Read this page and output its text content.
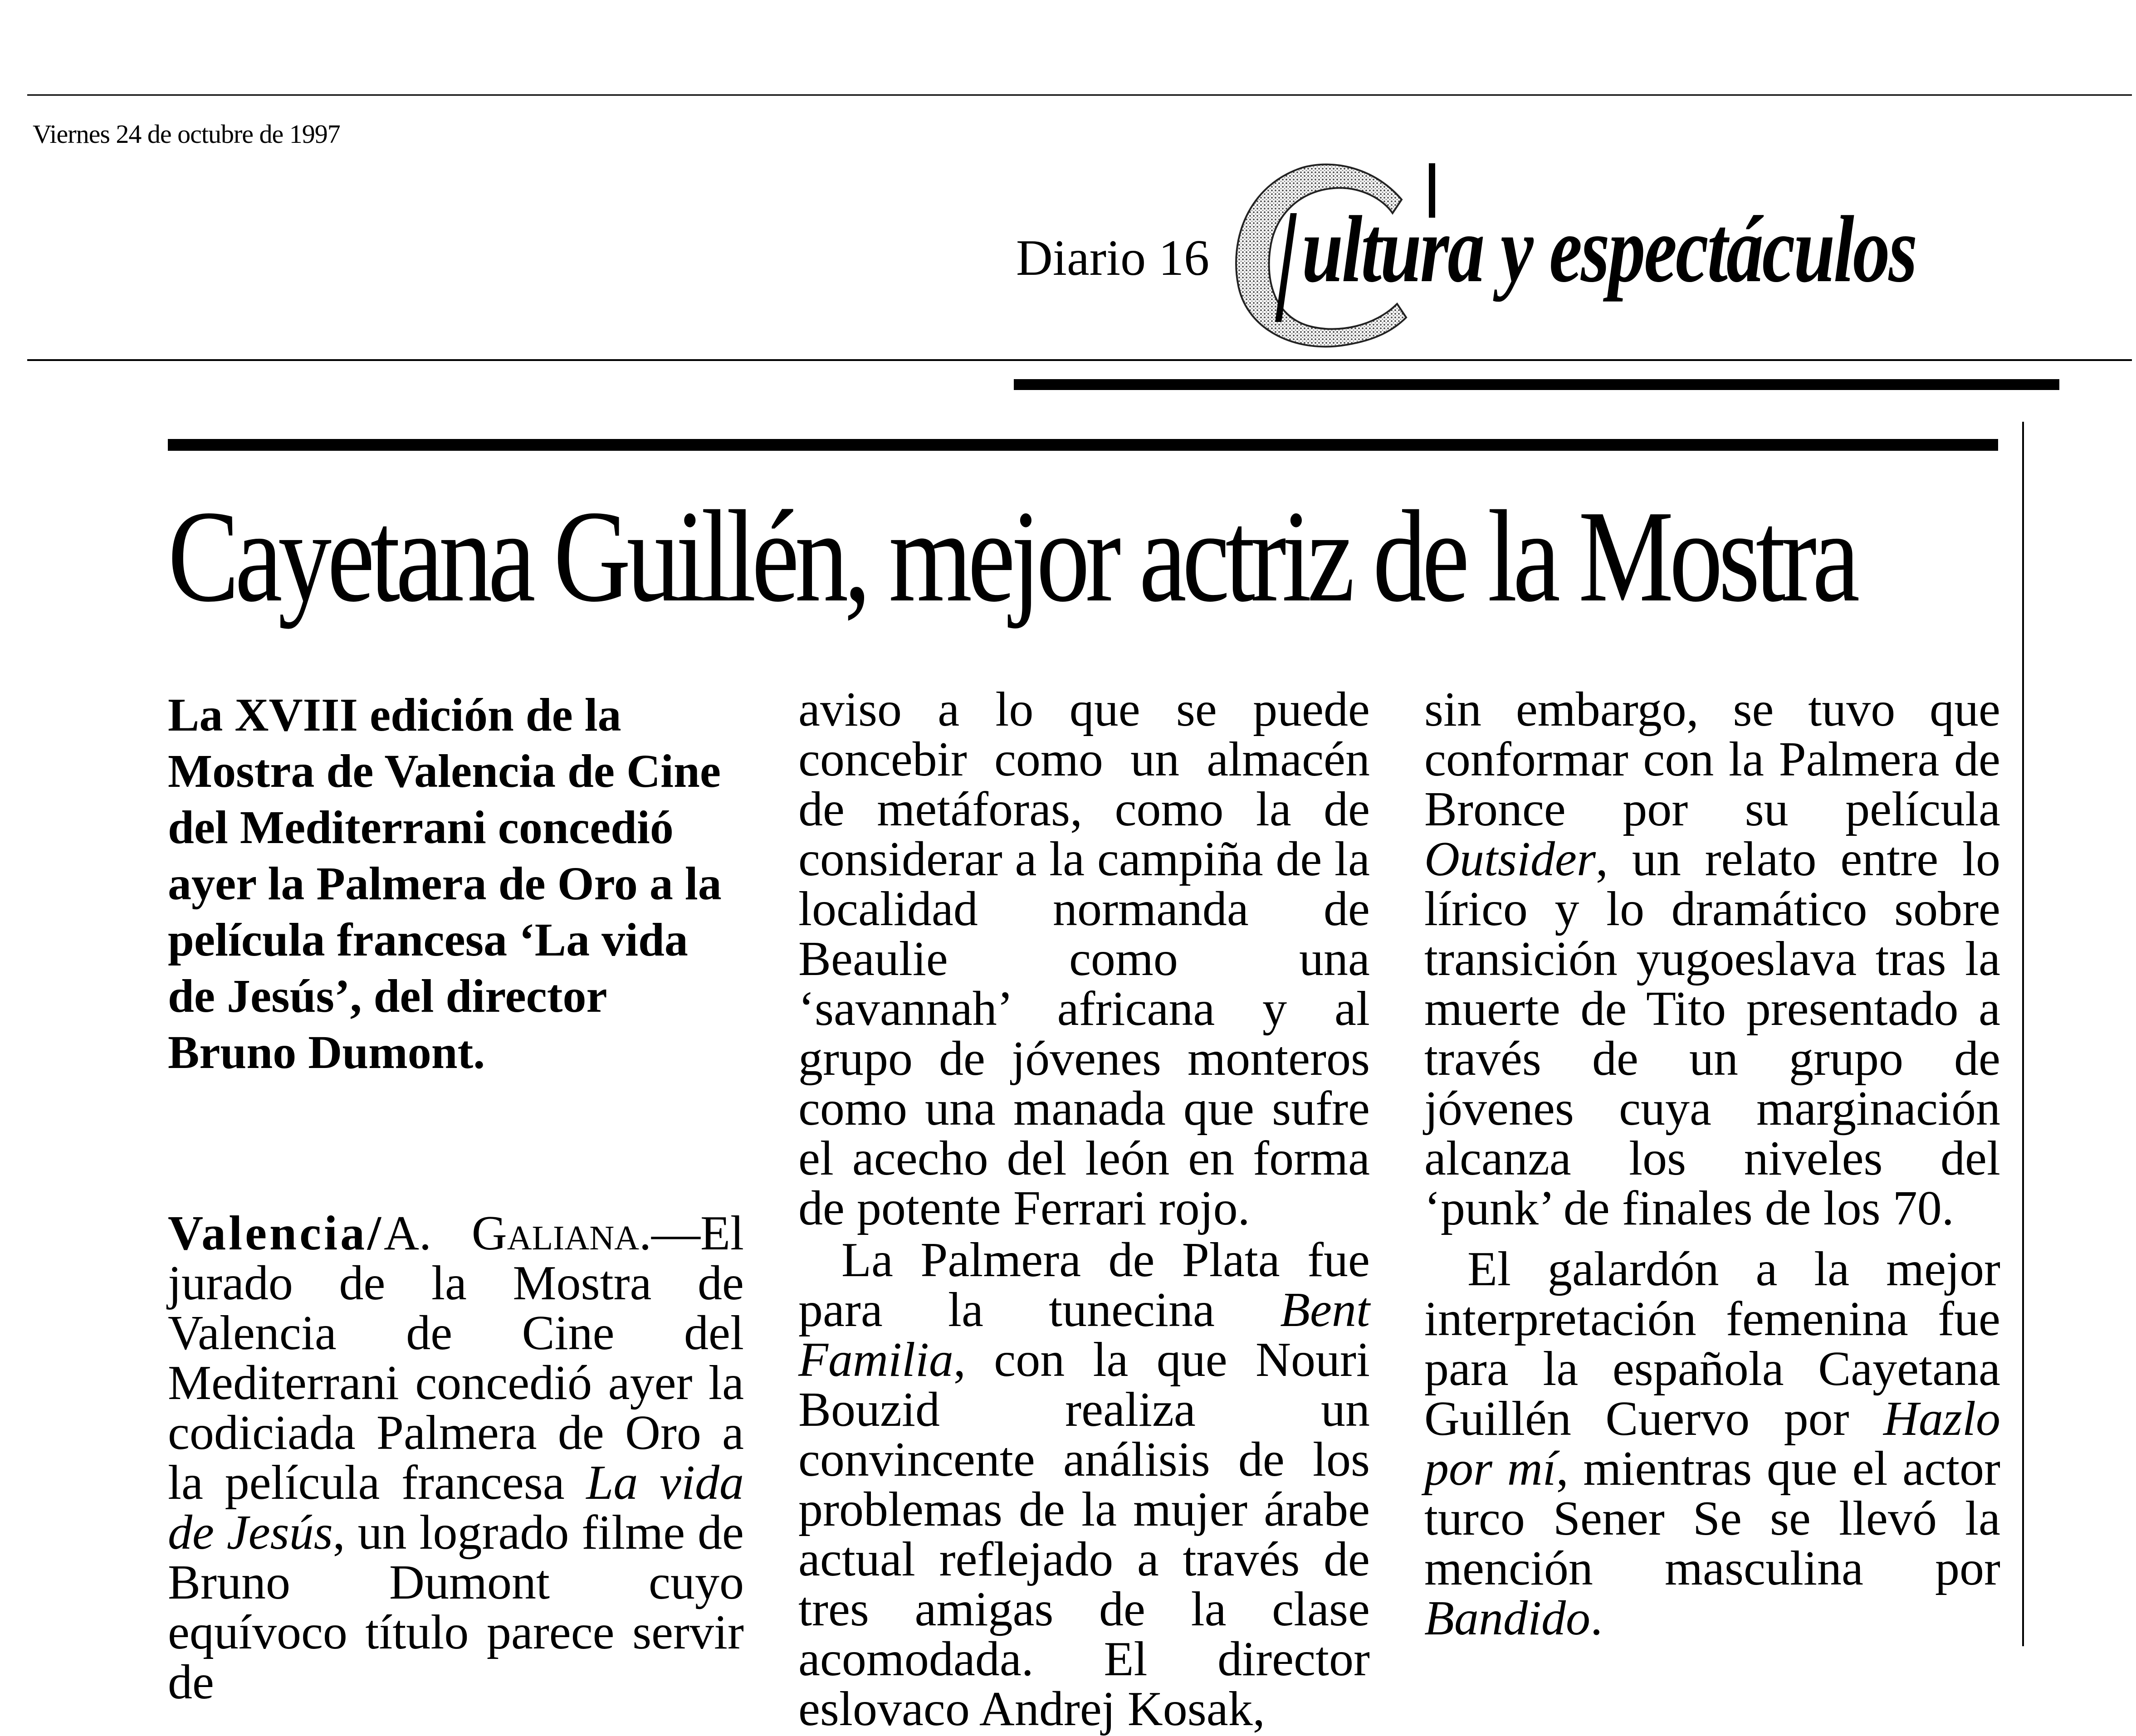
Viernes 24 de octubre de 1997
Diario 16 ultura y espectáculos
Cayetana Guillén, mejor actriz de la Mostra
La XVIII edición de la Mostra de Valencia de Cine del Mediterrani concedió ayer la Palmera de Oro a la película francesa ‘La vida de Jesús’, del director Bruno Dumont.

Valencia/A. Galiana.—El jurado de la Mostra de Valencia de Cine del Mediterrani concedió ayer la codiciada Palmera de Oro a la película francesa La vida de Jesús, un logrado filme de Bruno Dumont cuyo equívoco título parece servir de

aviso a lo que se puede concebir como un almacén de metáforas, como la de considerar a la campiña de la localidad normanda de Beaulie como una ‘savannah’ africana y al grupo de jóvenes monteros como una manada que sufre el acecho del león en forma de potente Ferrari rojo.

La Palmera de Plata fue para la tunecina Bent Familia, con la que Nouri Bouzid realiza un convincente análisis de los problemas de la mujer árabe actual reflejado a través de tres amigas de la clase acomodada. El director eslovaco Andrej Kosak,

sin embargo, se tuvo que conformar con la Palmera de Bronce por su película Outsider, un relato entre lo lírico y lo dramático sobre transición yugoeslava tras la muerte de Tito presentado a través de un grupo de jóvenes cuya marginación alcanza los niveles del ‘punk’ de finales de los 70.

El galardón a la mejor interpretación femenina fue para la española Cayetana Guillén Cuervo por Hazlo por mí, mientras que el actor turco Sener Se se llevó la mención masculina por Bandido.
